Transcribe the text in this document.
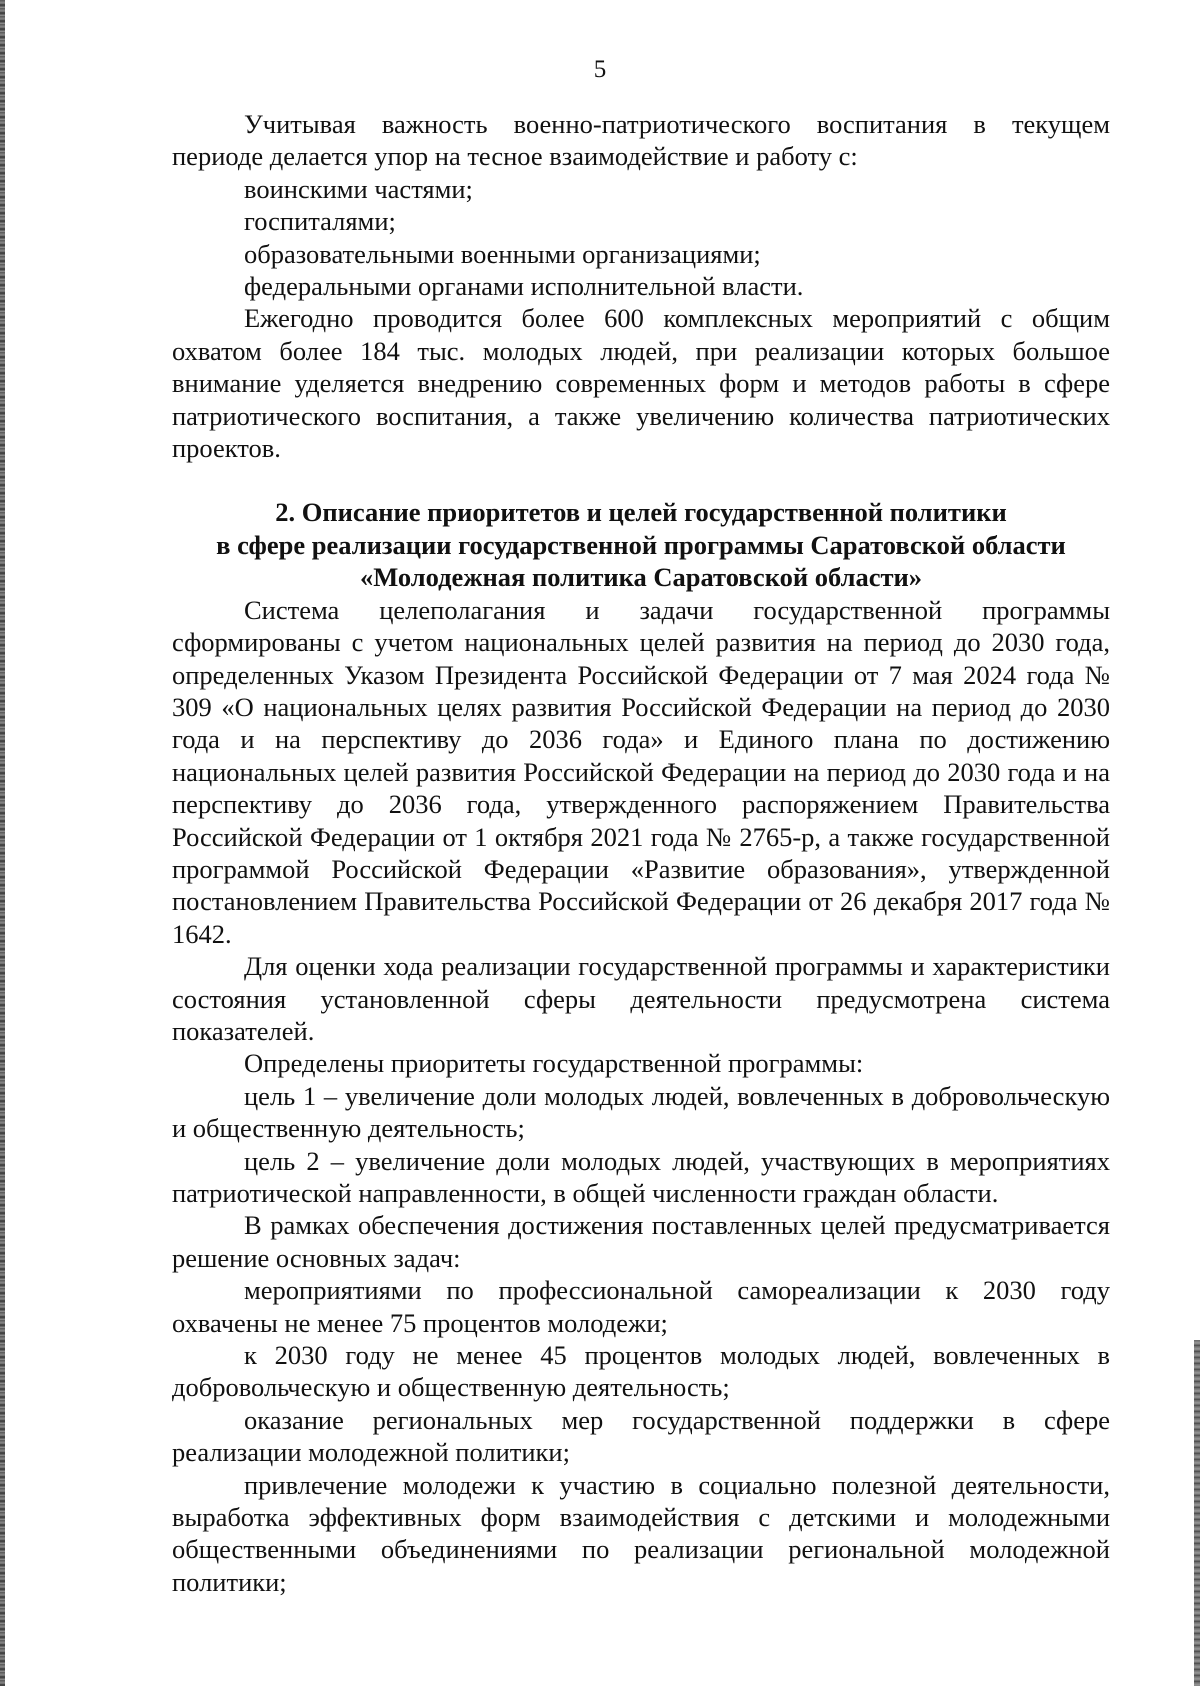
5

Учитывая важность военно-патриотического воспитания в текущем периоде делается упор на тесное взаимодействие и работу с:

воинскими частями;

госпиталями;

образовательными военными организациями;

федеральными органами исполнительной власти.

Ежегодно проводится более 600 комплексных мероприятий с общим охватом более 184 тыс. молодых людей, при реализации которых большое внимание уделяется внедрению современных форм и методов работы в сфере патриотического воспитания, а также увеличению количества патриотических проектов.

2. Описание приоритетов и целей государственной политики
в сфере реализации государственной программы Саратовской области
«Молодежная политика Саратовской области»

Система целеполагания и задачи государственной программы сформированы с учетом национальных целей развития на период до 2030 года, определенных Указом Президента Российской Федерации от 7 мая 2024 года № 309 «О национальных целях развития Российской Федерации на период до 2030 года и на перспективу до 2036 года» и Единого плана по достижению национальных целей развития Российской Федерации на период до 2030 года и на перспективу до 2036 года, утвержденного распоряжением Правительства Российской Федерации от 1 октября 2021 года № 2765-р, а также государственной программой Российской Федерации «Развитие образования», утвержденной постановлением Правительства Российской Федерации от 26 декабря 2017 года № 1642.

Для оценки хода реализации государственной программы и характеристики состояния установленной сферы деятельности предусмотрена система показателей.

Определены приоритеты государственной программы:

цель 1 – увеличение доли молодых людей, вовлеченных в добровольческую и общественную деятельность;

цель 2 – увеличение доли молодых людей, участвующих в мероприятиях патриотической направленности, в общей численности граждан области.

В рамках обеспечения достижения поставленных целей предусматривается решение основных задач:

мероприятиями по профессиональной самореализации к 2030 году охвачены не менее 75 процентов молодежи;

к 2030 году не менее 45 процентов молодых людей, вовлеченных в добровольческую и общественную деятельность;

оказание региональных мер государственной поддержки в сфере реализации молодежной политики;

привлечение молодежи к участию в социально полезной деятельности, выработка эффективных форм взаимодействия с детскими и молодежными общественными объединениями по реализации региональной молодежной политики;
